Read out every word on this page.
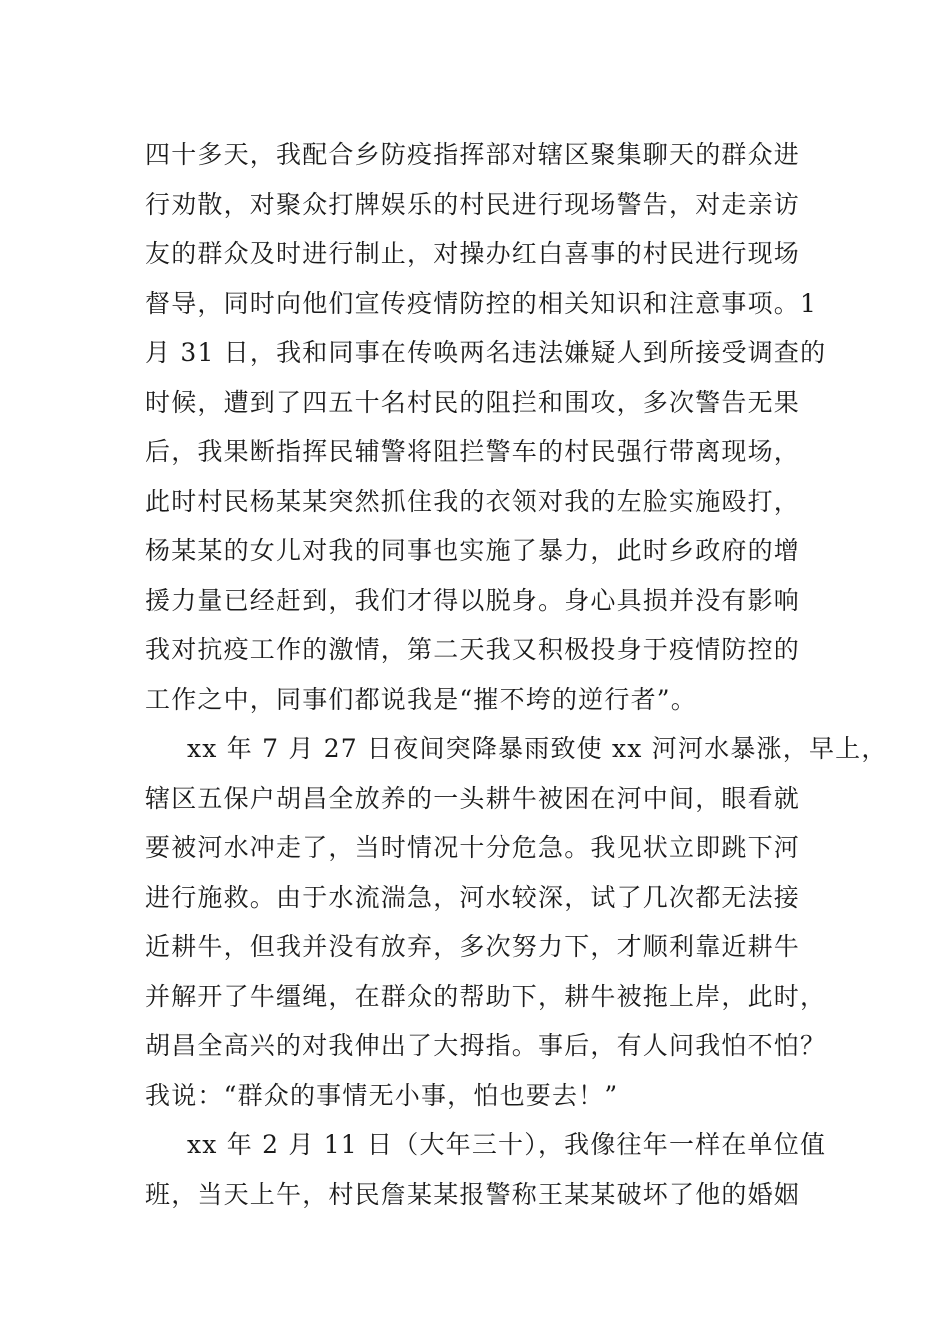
四十多天，我配合乡防疫指挥部对辖区聚集聊天的群众进
行劝散，对聚众打牌娱乐的村民进行现场警告，对走亲访
友的群众及时进行制止，对操办红白喜事的村民进行现场
督导，同时向他们宣传疫情防控的相关知识和注意事项。1
月 31 日，我和同事在传唤两名违法嫌疑人到所接受调查的
时候，遭到了四五十名村民的阻拦和围攻，多次警告无果
后，我果断指挥民辅警将阻拦警车的村民强行带离现场，
此时村民杨某某突然抓住我的衣领对我的左脸实施殴打，
杨某某的女儿对我的同事也实施了暴力，此时乡政府的增
援力量已经赶到，我们才得以脱身。身心具损并没有影响
我对抗疫工作的激情，第二天我又积极投身于疫情防控的
工作之中，同事们都说我是“摧不垮的逆行者”。
xx 年 7 月 27 日夜间突降暴雨致使 xx 河河水暴涨，早上，
辖区五保户胡昌全放养的一头耕牛被困在河中间，眼看就
要被河水冲走了，当时情况十分危急。我见状立即跳下河
进行施救。由于水流湍急，河水较深，试了几次都无法接
近耕牛，但我并没有放弃，多次努力下，才顺利靠近耕牛
并解开了牛缰绳，在群众的帮助下，耕牛被拖上岸，此时，
胡昌全高兴的对我伸出了大拇指。事后，有人问我怕不怕？
我说：“群众的事情无小事，怕也要去！”
xx 年 2 月 11 日（大年三十），我像往年一样在单位值
班，当天上午，村民詹某某报警称王某某破坏了他的婚姻
